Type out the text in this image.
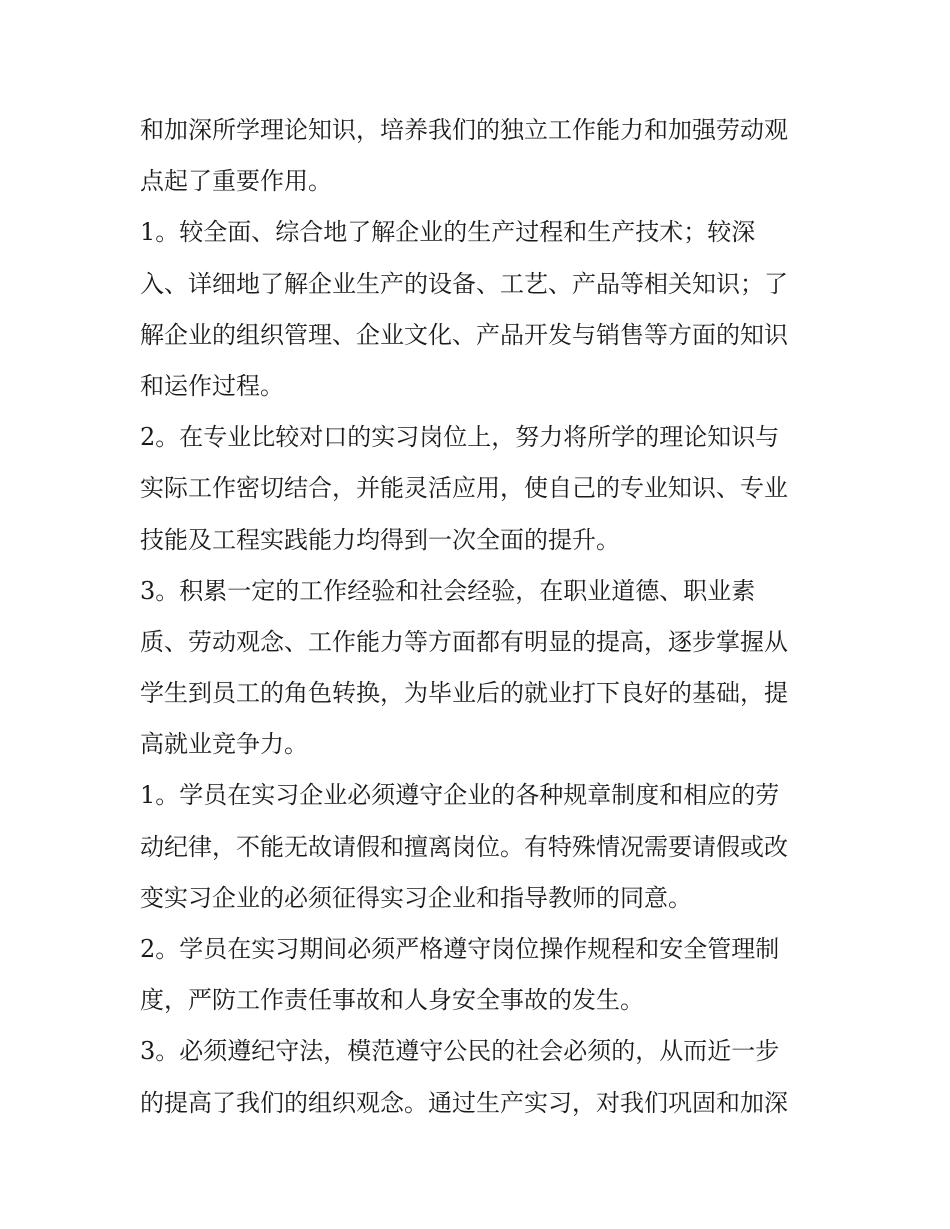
和加深所学理论知识，培养我们的独立工作能力和加强劳动观
点起了重要作用。
1。较全面、综合地了解企业的生产过程和生产技术；较深
入、详细地了解企业生产的设备、工艺、产品等相关知识；了
解企业的组织管理、企业文化、产品开发与销售等方面的知识
和运作过程。
2。在专业比较对口的实习岗位上，努力将所学的理论知识与
实际工作密切结合，并能灵活应用，使自己的专业知识、专业
技能及工程实践能力均得到一次全面的提升。
3。积累一定的工作经验和社会经验，在职业道德、职业素
质、劳动观念、工作能力等方面都有明显的提高，逐步掌握从
学生到员工的角色转换，为毕业后的就业打下良好的基础，提
高就业竞争力。
1。学员在实习企业必须遵守企业的各种规章制度和相应的劳
动纪律，不能无故请假和擅离岗位。有特殊情况需要请假或改
变实习企业的必须征得实习企业和指导教师的同意。
2。学员在实习期间必须严格遵守岗位操作规程和安全管理制
度，严防工作责任事故和人身安全事故的发生。
3。必须遵纪守法，模范遵守公民的社会必须的，从而近一步
的提高了我们的组织观念。通过生产实习，对我们巩固和加深
